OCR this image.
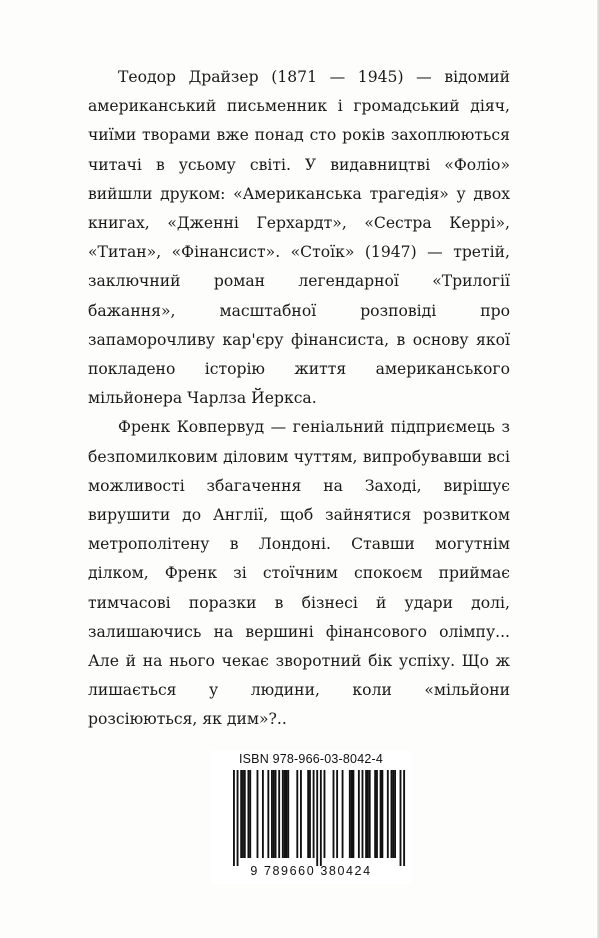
Теодор Драйзер (1871 — 1945) — відомий американський письменник і громадський діяч, чиїми творами вже понад сто років захоплюються читачі в усьому світі. У видавництві «Фоліо» вийшли друком: «Американська трагедія» у двох книгах, «Дженні Герхардт», «Сестра Керрі», «Титан», «Фінансист». «Стоїк» (1947) — третій, заключний роман легендарної «Трилогії бажання», масштабної розповіді про запаморочливу кар'єру фінансиста, в основу якої покладено історію життя американського мільйонера Чарлза Йеркса.

Френк Ковпервуд — геніальний підприємець з безпомилковим діловим чуттям, випробувавши всі можливості збагачення на Заході, вирішує вирушити до Англії, щоб зайнятися розвитком метрополітену в Лондоні. Ставши могутнім ділком, Френк зі стоїчним спокоєм приймає тимчасові поразки в бізнесі й удари долі, залишаючись на вершині фінансового олімпу... Але й на нього чекає зворотний бік успіху. Що ж лишається у людини, коли «мільйони розсіюються, як дим»?..

ISBN 978-966-03-8042-4
9 789660 380424
